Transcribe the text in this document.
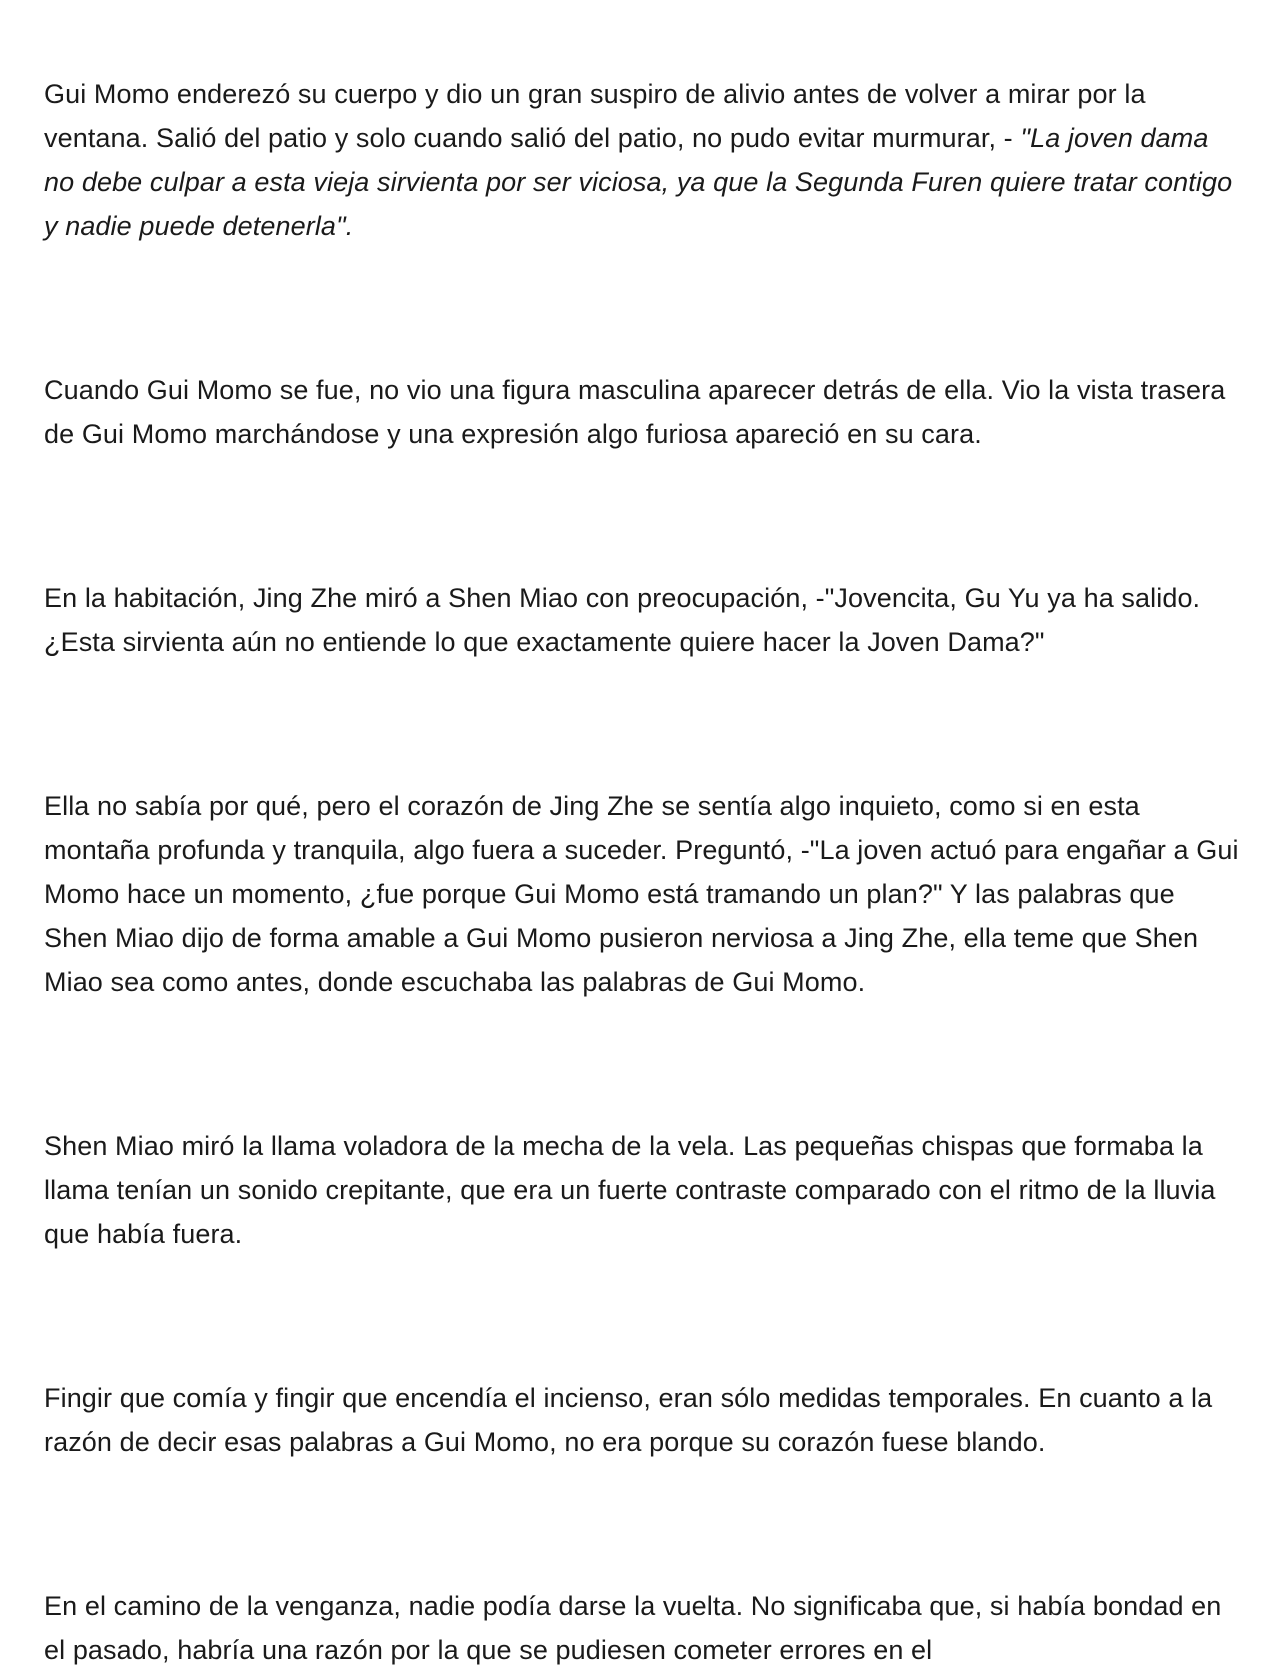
Gui Momo enderezó su cuerpo y dio un gran suspiro de alivio antes de volver a mirar por la ventana. Salió del patio y solo cuando salió del patio, no pudo evitar murmurar, - "La joven dama no debe culpar a esta vieja sirvienta por ser viciosa, ya que la Segunda Furen quiere tratar contigo y nadie puede detenerla".

Cuando Gui Momo se fue, no vio una figura masculina aparecer detrás de ella. Vio la vista trasera de Gui Momo marchándose y una expresión algo furiosa apareció en su cara.

En la habitación, Jing Zhe miró a Shen Miao con preocupación, -"Jovencita, Gu Yu ya ha salido. ¿Esta sirvienta aún no entiende lo que exactamente quiere hacer la Joven Dama?"

Ella no sabía por qué, pero el corazón de Jing Zhe se sentía algo inquieto, como si en esta montaña profunda y tranquila, algo fuera a suceder. Preguntó, -"La joven actuó para engañar a Gui Momo hace un momento, ¿fue porque Gui Momo está tramando un plan?" Y las palabras que Shen Miao dijo de forma amable a Gui Momo pusieron nerviosa a Jing Zhe, ella teme que Shen Miao sea como antes, donde escuchaba las palabras de Gui Momo.

Shen Miao miró la llama voladora de la mecha de la vela. Las pequeñas chispas que formaba la llama tenían un sonido crepitante, que era un fuerte contraste comparado con el ritmo de la lluvia que había fuera.

Fingir que comía y fingir que encendía el incienso, eran sólo medidas temporales. En cuanto a la razón de decir esas palabras a Gui Momo, no era porque su corazón fuese blando.

En el camino de la venganza, nadie podía darse la vuelta. No significaba que, si había bondad en el pasado, habría una razón por la que se pudiesen cometer errores en el
